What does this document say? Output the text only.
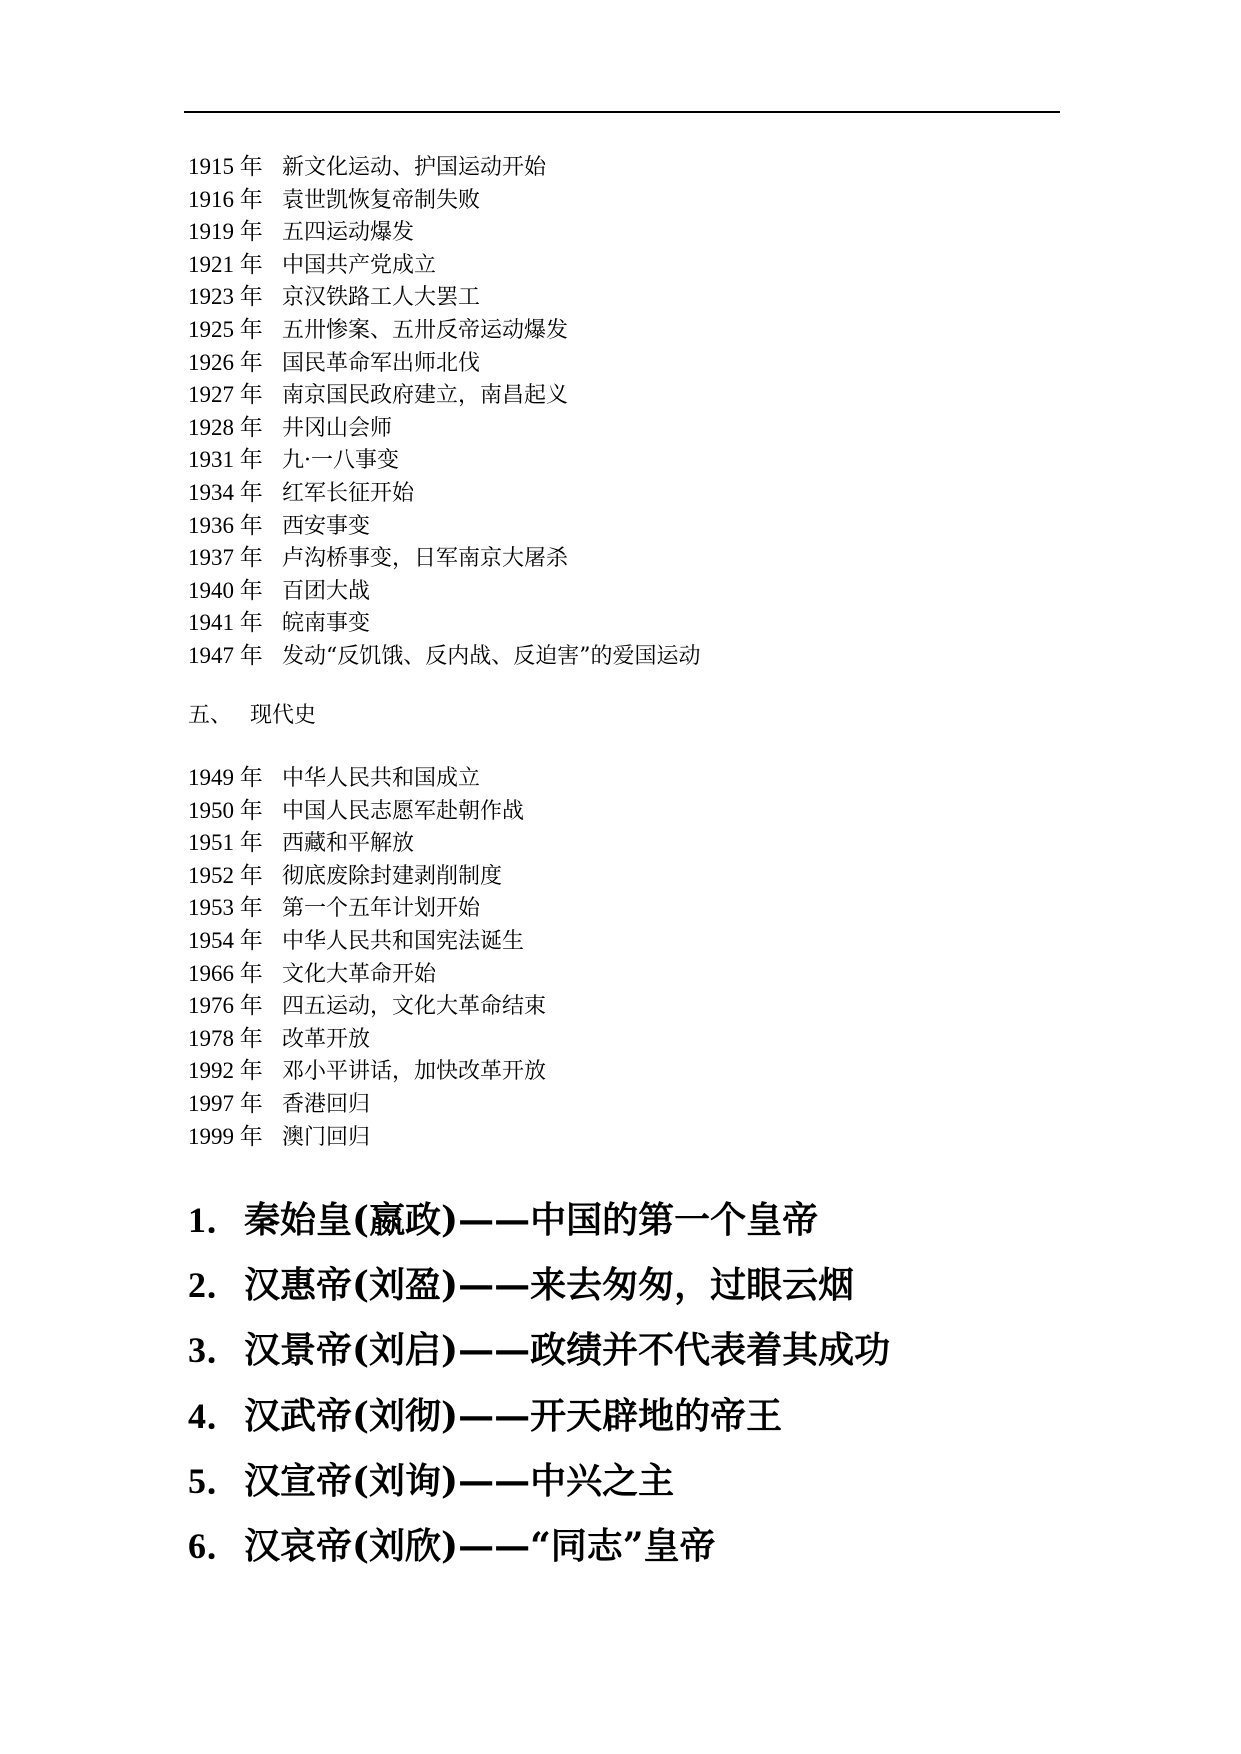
1915 年 新文化运动、护国运动开始
1916 年 袁世凯恢复帝制失败
1919 年 五四运动爆发
1921 年 中国共产党成立
1923 年 京汉铁路工人大罢工
1925 年 五卅惨案、五卅反帝运动爆发
1926 年 国民革命军出师北伐
1927 年 南京国民政府建立，南昌起义
1928 年 井冈山会师
1931 年 九·一八事变
1934 年 红军长征开始
1936 年 西安事变
1937 年 卢沟桥事变，日军南京大屠杀
1940 年 百团大战
1941 年 皖南事变
1947 年 发动“反饥饿、反内战、反迫害”的爱国运动
五、 现代史
1949 年 中华人民共和国成立
1950 年 中国人民志愿军赴朝作战
1951 年 西藏和平解放
1952 年 彻底废除封建剥削制度
1953 年 第一个五年计划开始
1954 年 中华人民共和国宪法诞生
1966 年 文化大革命开始
1976 年 四五运动，文化大革命结束
1978 年 改革开放
1992 年 邓小平讲话，加快改革开放
1997 年 香港回归
1999 年 澳门回归
1．秦始皇(嬴政)——中国的第一个皇帝
2．汉惠帝(刘盈)——来去匆匆，过眼云烟
3．汉景帝(刘启)——政绩并不代表着其成功
4．汉武帝(刘彻)——开天辟地的帝王
5．汉宣帝(刘询)——中兴之主
6．汉哀帝(刘欣)——“同志”皇帝
